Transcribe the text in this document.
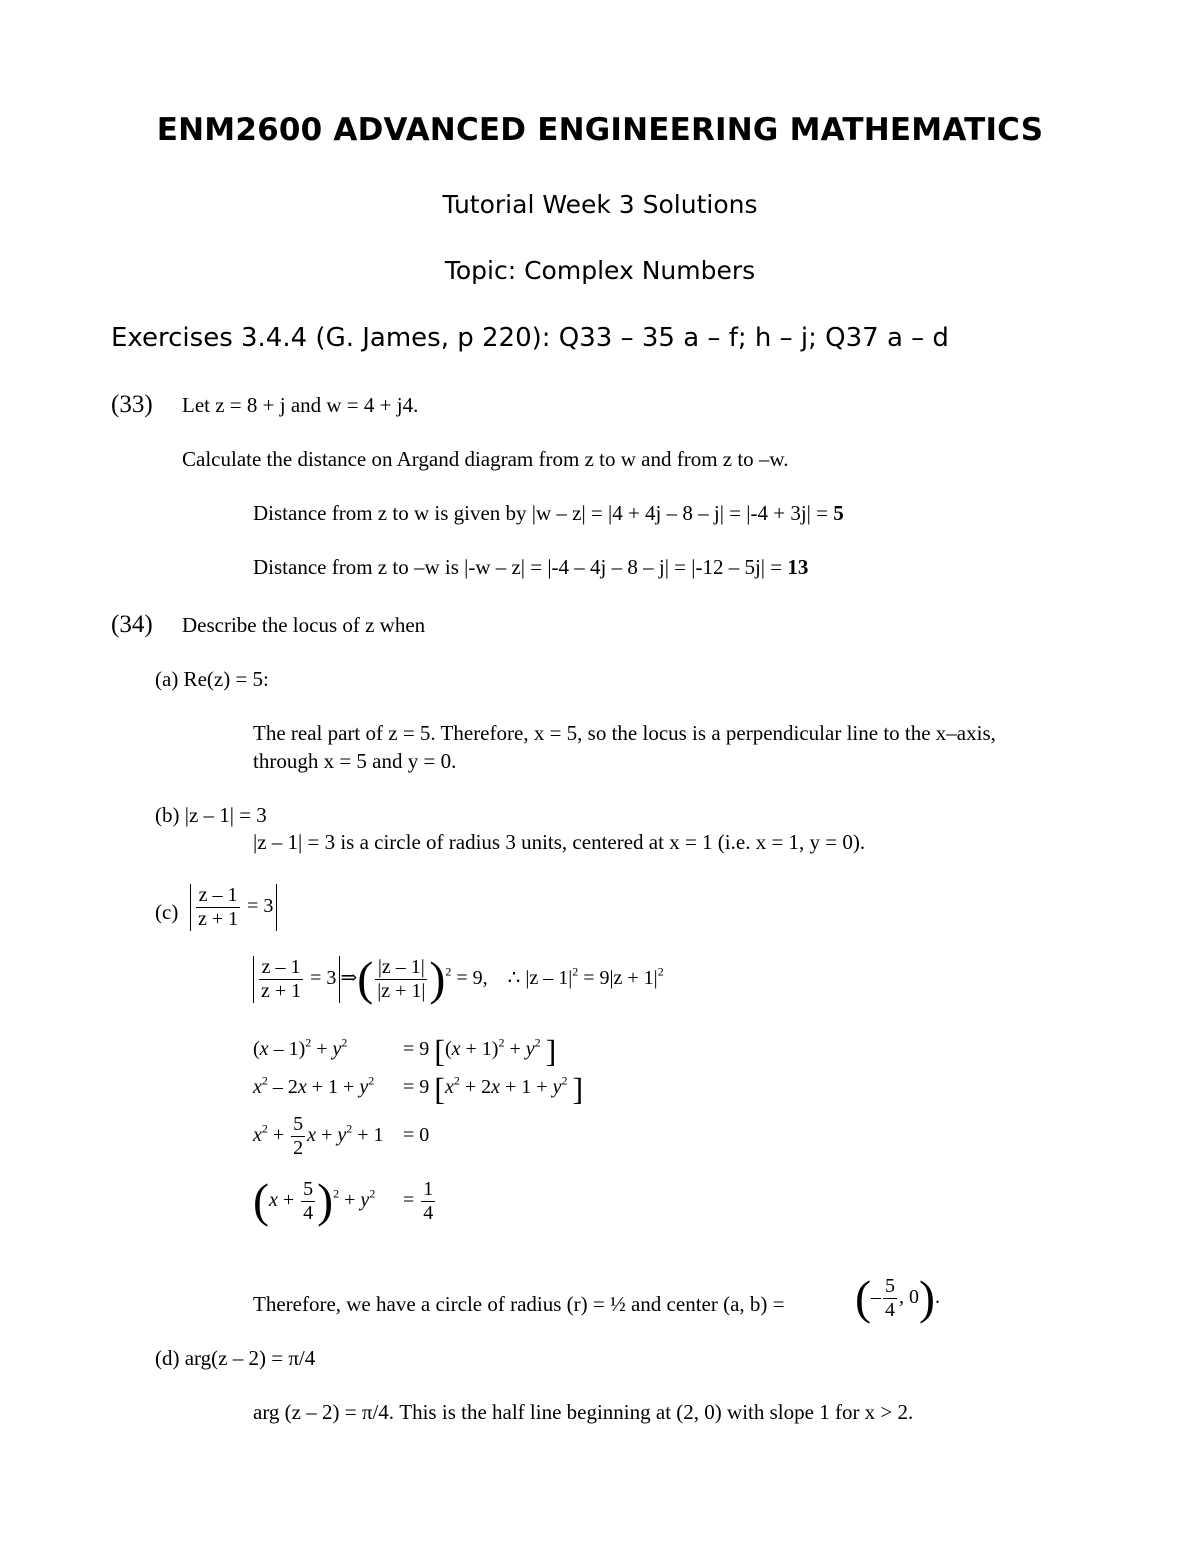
ENM2600 ADVANCED ENGINEERING MATHEMATICS
Tutorial Week 3 Solutions
Topic: Complex Numbers
Exercises 3.4.4 (G. James, p 220): Q33 – 35 a – f; h – j; Q37 a – d
(33) Let z = 8 + j and w = 4 + j4.
Calculate the distance on Argand diagram from z to w and from z to –w.
Distance from z to w is given by |w – z| = |4 + 4j – 8 – j| = |-4 + 3j| = 5
Distance from z to –w is |-w – z| = |-4 – 4j – 8 – j| = |-12 – 5j| = 13
(34) Describe the locus of z when
(a) Re(z) = 5:
The real part of z = 5. Therefore, x = 5, so the locus is a perpendicular line to the x–axis,
through x = 5 and y = 0.
(b) |z – 1| = 3
|z – 1| = 3 is a circle of radius 3 units, centered at x = 1 (i.e. x = 1, y = 0).
$(c) \frac{z - 1}{z + 1} = 3$
$\frac{z - 1}{z + 1} = 3$ ⇒( $\frac{|z - 1|}{|z + 1|} )^2 = 9$,    ∴ $|z - 1|^2 = 9|z + 1|^2$
$(x - 1)^2 + y^2$	= 9 [$(x + 1)^2 + y^2$ ]
$x^2 - 2x + 1 + y^2 = 9$ [$x^2 + 2x + 1 + y^2$ ]
$x^2 + \frac{5}{2}$ $x + y^2 + 1 = 0$
$(x + \frac{5}{4} )^2 + y^2 = \frac{1}{4}$
Therefore, we have a circle of radius (r) = ½ and center (a, b) = (– $\frac{5}{4}$ , 0).
(d) arg(z – 2) = π/4
arg (z – 2) = π/4. This is the half line beginning at (2, 0) with slope 1 for x > 2.
